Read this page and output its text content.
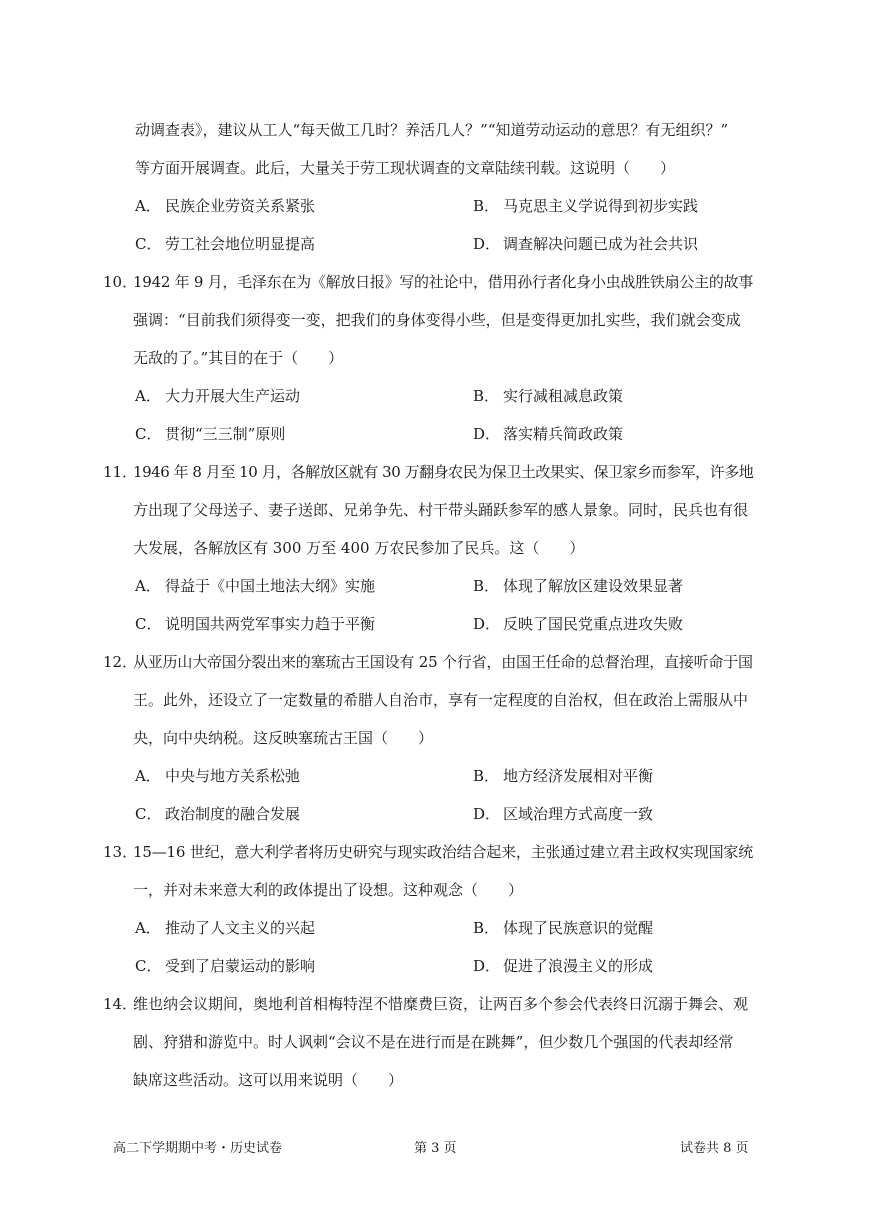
动调查表》，建议从工人“每天做工几时？养活几人？”“知道劳动运动的意思？有无组织？”
等方面开展调查。此后，大量关于劳工现状调查的文章陆续刊载。这说明（　　）
A． 民族企业劳资关系紧张	B． 马克思主义学说得到初步实践
C． 劳工社会地位明显提高	D． 调查解决问题已成为社会共识
10．
1942 年 9 月，毛泽东在为《解放日报》写的社论中，借用孙行者化身小虫战胜铁扇公主的故事
强调：“目前我们须得变一变，把我们的身体变得小些，但是变得更加扎实些，我们就会变成
无敌的了。”其目的在于（　　）
A． 大力开展大生产运动	B． 实行减租减息政策
C． 贯彻“三三制”原则	D． 落实精兵简政政策
11．
1946 年 8 月至 10 月，各解放区就有 30 万翻身农民为保卫土改果实、保卫家乡而参军，许多地
方出现了父母送子、妻子送郎、兄弟争先、村干带头踊跃参军的感人景象。同时，民兵也有很
大发展，各解放区有 300 万至 400 万农民参加了民兵。这（　　）
A． 得益于《中国土地法大纲》实施	B． 体现了解放区建设效果显著
C． 说明国共两党军事实力趋于平衡	D． 反映了国民党重点进攻失败
12．
从亚历山大帝国分裂出来的塞琉古王国设有 25 个行省，由国王任命的总督治理，直接听命于国
王。此外，还设立了一定数量的希腊人自治市，享有一定程度的自治权，但在政治上需服从中
央，向中央纳税。这反映塞琉古王国（　　）
A． 中央与地方关系松弛	B． 地方经济发展相对平衡
C． 政治制度的融合发展	D． 区域治理方式高度一致
13．
15—16 世纪，意大利学者将历史研究与现实政治结合起来，主张通过建立君主政权实现国家统
一，并对未来意大利的政体提出了设想。这种观念（　　）
A． 推动了人文主义的兴起	B． 体现了民族意识的觉醒
C． 受到了启蒙运动的影响	D． 促进了浪漫主义的形成
14．
维也纳会议期间，奥地利首相梅特涅不惜糜费巨资，让两百多个参会代表终日沉溺于舞会、观
剧、狩猎和游览中。时人讽刺“会议不是在进行而是在跳舞”，但少数几个强国的代表却经常
缺席这些活动。这可以用来说明（　　）
高二下学期期中考・历史试卷	第 3 页	试卷共 8 页
